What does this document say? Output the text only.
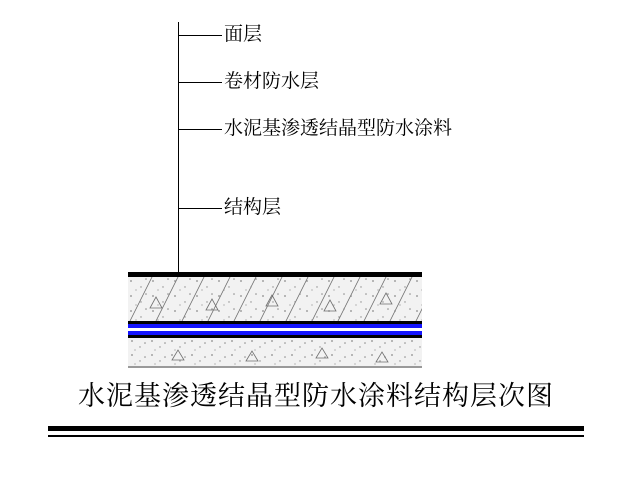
面层
卷材防水层
水泥基渗透结晶型防水涂料
结构层
水泥基渗透结晶型防水涂料结构层次图
